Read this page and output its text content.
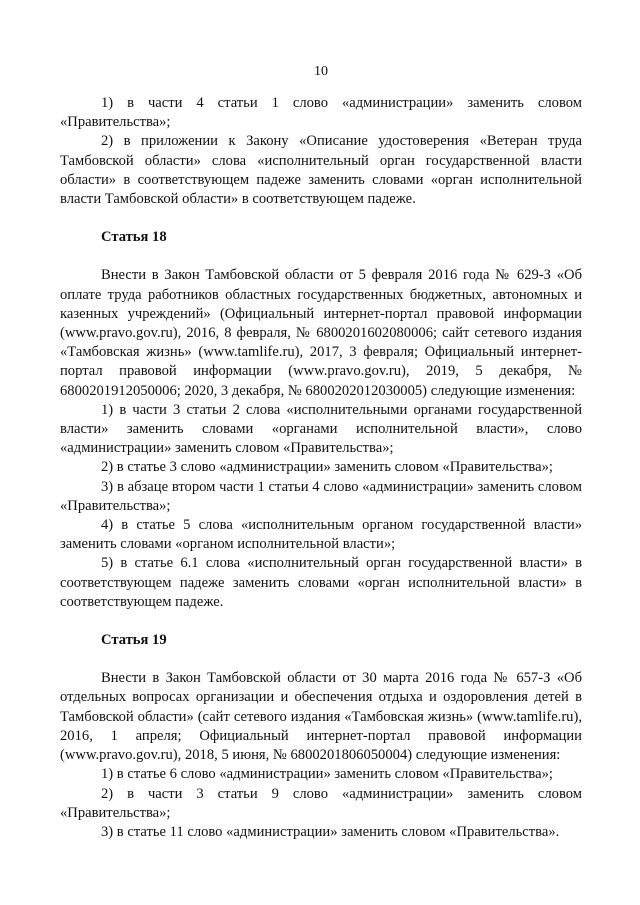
10

1) в части 4 статьи 1 слово «администрации» заменить словом «Правительства»;

2) в приложении к Закону «Описание удостоверения «Ветеран труда Тамбовской области» слова «исполнительный орган государственной власти области» в соответствующем падеже заменить словами «орган исполнительной власти Тамбовской области» в соответствующем падеже.

Статья 18

Внести в Закон Тамбовской области от 5 февраля 2016 года № 629-З «Об оплате труда работников областных государственных бюджетных, автономных и казенных учреждений» (Официальный интернет-портал правовой информации (www.pravo.gov.ru), 2016, 8 февраля, № 6800201602080006; сайт сетевого издания «Тамбовская жизнь» (www.tamlife.ru), 2017, 3 февраля; Официальный интернет-портал правовой информации (www.pravo.gov.ru), 2019, 5 декабря, № 6800201912050006; 2020, 3 декабря, № 6800202012030005) следующие изменения:

1) в части 3 статьи 2 слова «исполнительными органами государственной власти» заменить словами «органами исполнительной власти», слово «администрации» заменить словом «Правительства»;

2) в статье 3 слово «администрации» заменить словом «Правительства»;

3) в абзаце втором части 1 статьи 4 слово «администрации» заменить словом «Правительства»;

4) в статье 5 слова «исполнительным органом государственной власти» заменить словами «органом исполнительной власти»;

5) в статье 6.1 слова «исполнительный орган государственной власти» в соответствующем падеже заменить словами «орган исполнительной власти» в соответствующем падеже.

Статья 19

Внести в Закон Тамбовской области от 30 марта 2016 года № 657-З «Об отдельных вопросах организации и обеспечения отдыха и оздоровления детей в Тамбовской области» (сайт сетевого издания «Тамбовская жизнь» (www.tamlife.ru), 2016, 1 апреля; Официальный интернет-портал правовой информации (www.pravo.gov.ru), 2018, 5 июня, № 6800201806050004) следующие изменения:

1) в статье 6 слово «администрации» заменить словом «Правительства»;

2) в части 3 статьи 9 слово «администрации» заменить словом «Правительства»;

3) в статье 11 слово «администрации» заменить словом «Правительства».
